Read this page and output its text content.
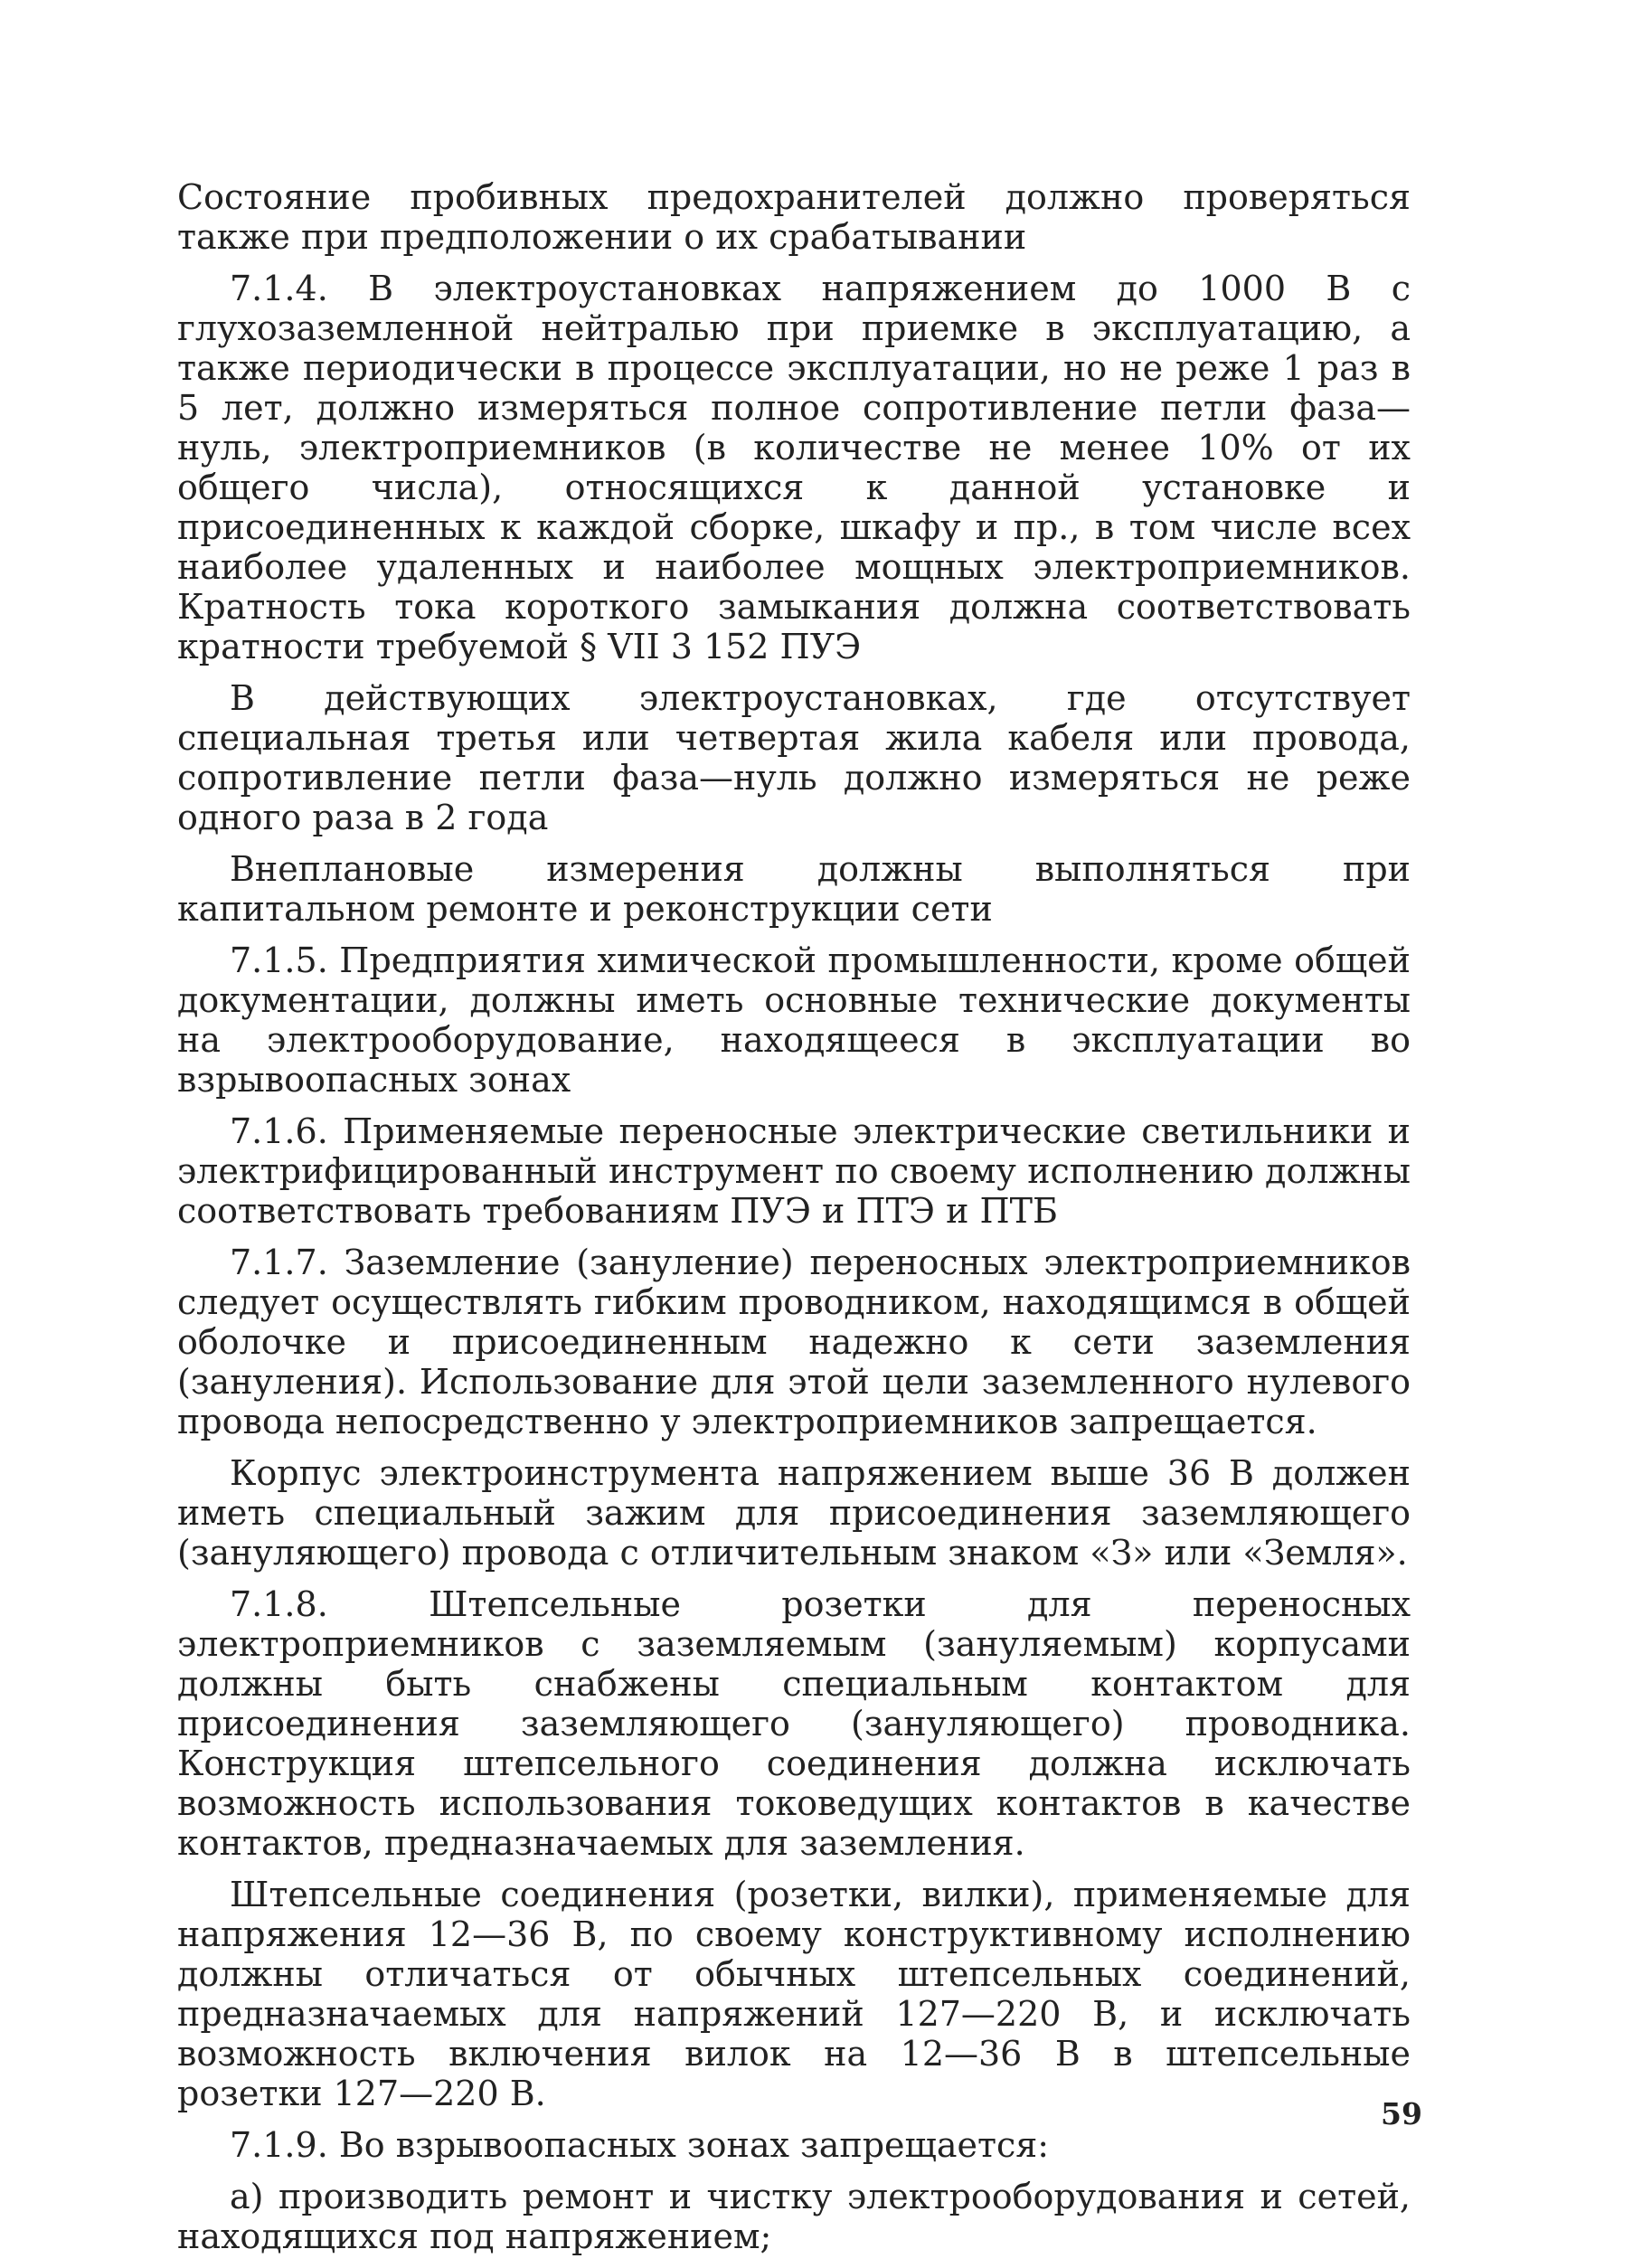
Состояние пробивных предохранителей должно проверяться также при предположении о их срабатывании

7.1.4. В электроустановках напряжением до 1000 В с глухозаземленной нейтралью при приемке в эксплуатацию, а также периодически в процессе эксплуатации, но не реже 1 раз в 5 лет, должно измеряться полное сопротивление петли фаза—нуль, электроприемников (в количестве не менее 10% от их общего числа), относящихся к данной установке и присоединенных к каждой сборке, шкафу и пр., в том числе всех наиболее удаленных и наиболее мощных электроприемников. Кратность тока короткого замыкания должна соответствовать кратности требуемой § VII 3 152 ПУЭ

В действующих электроустановках, где отсутствует специальная третья или четвертая жила кабеля или провода, сопротивление петли фаза—нуль должно измеряться не реже одного раза в 2 года

Внеплановые измерения должны выполняться при капитальном ремонте и реконструкции сети

7.1.5. Предприятия химической промышленности, кроме общей документации, должны иметь основные технические документы на электрооборудование, находящееся в эксплуатации во взрывоопасных зонах

7.1.6. Применяемые переносные электрические светильники и электрифицированный инструмент по своему исполнению должны соответствовать требованиям ПУЭ и ПТЭ и ПТБ

7.1.7. Заземление (зануление) переносных электроприемников следует осуществлять гибким проводником, находящимся в общей оболочке и присоединенным надежно к сети заземления (зануления). Использование для этой цели заземленного нулевого провода непосредственно у электроприемников запрещается.

Корпус электроинструмента напряжением выше 36 В должен иметь специальный зажим для присоединения заземляющего (зануляющего) провода с отличительным знаком «З» или «Земля».

7.1.8. Штепсельные розетки для переносных электроприемников с заземляемым (зануляемым) корпусами должны быть снабжены специальным контактом для присоединения заземляющего (зануляющего) проводника. Конструкция штепсельного соединения должна исключать возможность использования токоведущих контактов в качестве контактов, предназначаемых для заземления.

Штепсельные соединения (розетки, вилки), применяемые для напряжения 12—36 В, по своему конструктивному исполнению должны отличаться от обычных штепсельных соединений, предназначаемых для напряжений 127—220 В, и исключать возможность включения вилок на 12—36 В в штепсельные розетки 127—220 В.

7.1.9. Во взрывоопасных зонах запрещается:

а) производить ремонт и чистку электрооборудования и сетей, находящихся под напряжением;

59
